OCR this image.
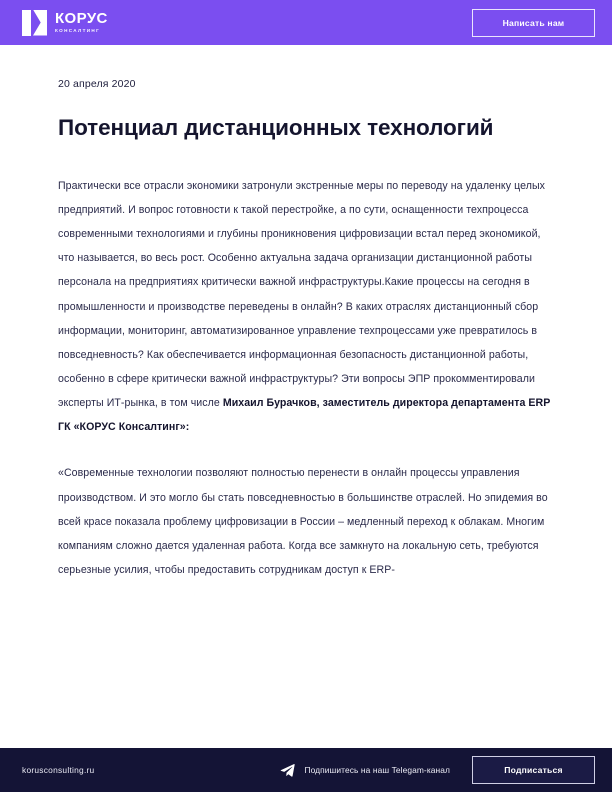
КОРУС
КОНСАЛТИНГ
Написать нам
20 апреля 2020
Потенциал дистанционных технологий

Практически все отрасли экономики затронули экстренные меры по переводу на удаленку целых предприятий. И вопрос готовности к такой перестройке, а по сути, оснащенности техпроцесса современными технологиями и глубины проникновения цифровизации встал перед экономикой, что называется, во весь рост. Особенно актуальна задача организации дистанционной работы персонала на предприятиях критически важной инфраструктуры.Какие процессы на сегодня в промышленности и производстве переведены в онлайн? В каких отраслях дистанционный сбор информации, мониторинг, автоматизированное управление техпроцессами уже превратилось в повседневность? Как обеспечивается информационная безопасность дистанционной работы, особенно в сфере критически важной инфраструктуры? Эти вопросы ЭПР прокомментировали эксперты ИТ-рынка, в том числе Михаил Бурачков, заместитель директора департамента ERP ГК «КОРУС Консалтинг»:

«Современные технологии позволяют полностью перенести в онлайн процессы управления производством. И это могло бы стать повседневностью в большинстве отраслей. Но эпидемия во всей красе показала проблему цифровизации в России – медленный переход к облакам. Многим компаниям сложно дается удаленная работа. Когда все замкнуто на локальную сеть, требуются серьезные усилия, чтобы предоставить сотрудникам доступ к ERP-

korusconsulting.ru	Подпишитесь на наш Telegam-канал	Подписаться
